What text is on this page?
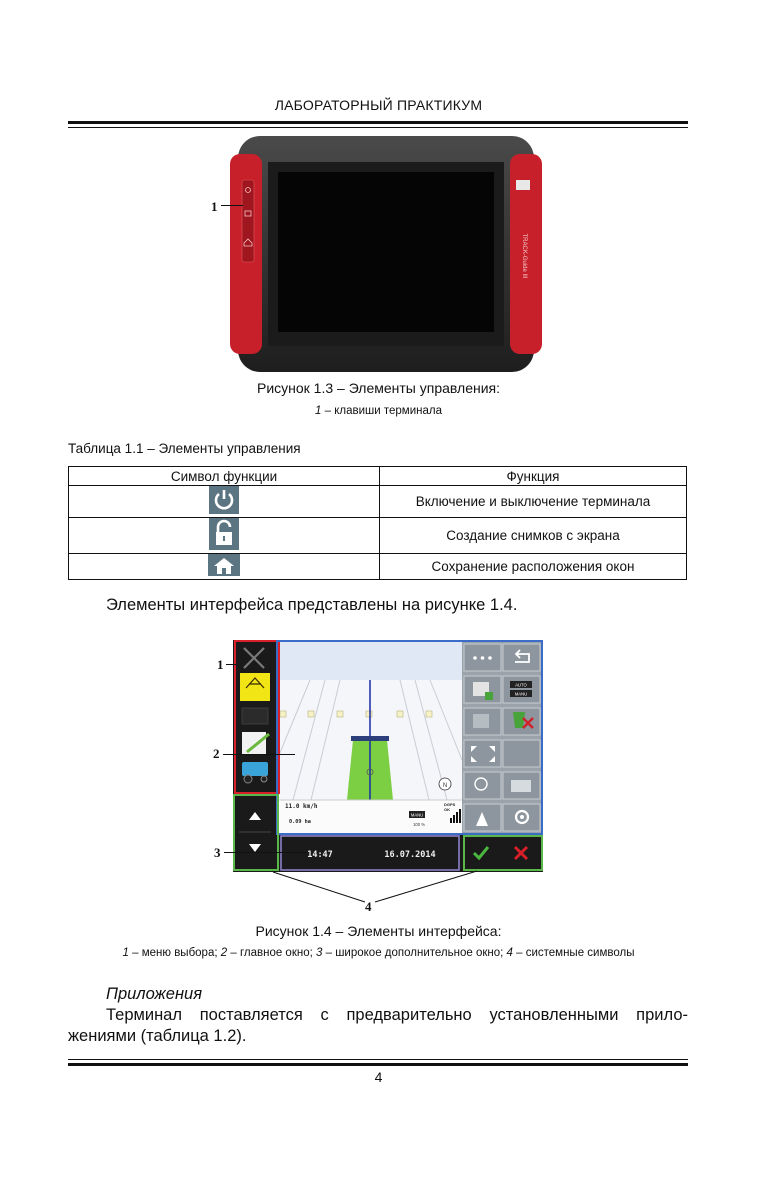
ЛАБОРАТОРНЫЙ ПРАКТИКУМ
TRACK-Guide III
1
Рисунок 1.3 – Элементы управления:
1 – клавиши терминала
Таблица 1.1 – Элементы управления
Символ функции	Функция
	Включение и выключение терминала
	Создание снимков с экрана
	Сохранение расположения окон
Элементы интерфейса представлены на рисунке 1.4.
N
11.0 km/h
0.09 ha
MANU
DGPS
OK
100 %
AUTO
MANU
14:47	16.07.2014
1
2
3
4
Рисунок 1.4 – Элементы интерфейса:
1 – меню выбора; 2 – главное окно; 3 – широкое дополнительное окно; 4 – системные символы
Приложения
Терминал поставляется с предварительно установленными прило-
жениями (таблица 1.2).
4
